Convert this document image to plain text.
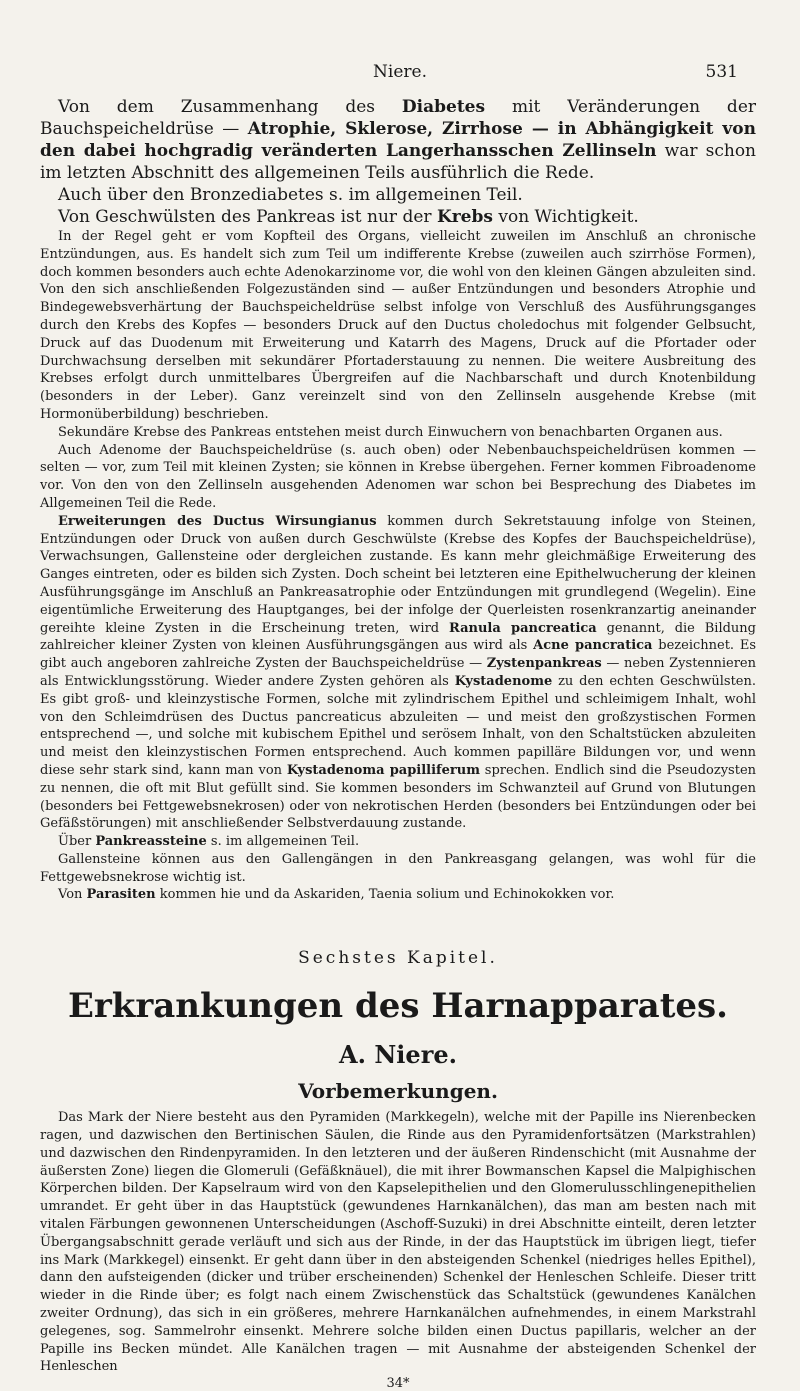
Niere.	531

Von dem Zusammenhang des Diabetes mit Veränderungen der Bauchspeicheldrüse — Atrophie, Sklerose, Zirrhose — in Abhängigkeit von den dabei hochgradig veränderten Langerhansschen Zellinseln war schon im letzten Abschnitt des allgemeinen Teils ausführlich die Rede.

Auch über den Bronzediabetes s. im allgemeinen Teil.

Von Geschwülsten des Pankreas ist nur der Krebs von Wichtigkeit.

In der Regel geht er vom Kopfteil des Organs, vielleicht zuweilen im Anschluß an chronische Entzündungen, aus. Es handelt sich zum Teil um indifferente Krebse (zuweilen auch szirrhöse Formen), doch kommen besonders auch echte Adenokarzinome vor, die wohl von den kleinen Gängen abzuleiten sind. Von den sich anschließenden Folgezuständen sind — außer Entzündungen und besonders Atrophie und Bindegewebsverhärtung der Bauchspeicheldrüse selbst infolge von Verschluß des Ausführungsganges durch den Krebs des Kopfes — besonders Druck auf den Ductus choledochus mit folgender Gelbsucht, Druck auf das Duodenum mit Erweiterung und Katarrh des Magens, Druck auf die Pfortader oder Durchwachsung derselben mit sekundärer Pfortaderstauung zu nennen. Die weitere Ausbreitung des Krebses erfolgt durch unmittelbares Übergreifen auf die Nachbarschaft und durch Knotenbildung (besonders in der Leber). Ganz vereinzelt sind von den Zellinseln ausgehende Krebse (mit Hormonüberbildung) beschrieben.

Sekundäre Krebse des Pankreas entstehen meist durch Einwuchern von benachbarten Organen aus.

Auch Adenome der Bauchspeicheldrüse (s. auch oben) oder Nebenbauchspeicheldrüsen kommen — selten — vor, zum Teil mit kleinen Zysten; sie können in Krebse übergehen. Ferner kommen Fibroadenome vor. Von den von den Zellinseln ausgehenden Adenomen war schon bei Besprechung des Diabetes im Allgemeinen Teil die Rede.

Erweiterungen des Ductus Wirsungianus kommen durch Sekretstauung infolge von Steinen, Entzündungen oder Druck von außen durch Geschwülste (Krebse des Kopfes der Bauchspeicheldrüse), Verwachsungen, Gallensteine oder dergleichen zustande. Es kann mehr gleichmäßige Erweiterung des Ganges eintreten, oder es bilden sich Zysten. Doch scheint bei letzteren eine Epithelwucherung der kleinen Ausführungsgänge im Anschluß an Pankreasatrophie oder Entzündungen mit grundlegend (Wegelin). Eine eigentümliche Erweiterung des Hauptganges, bei der infolge der Querleisten rosenkranzartig aneinander gereihte kleine Zysten in die Erscheinung treten, wird Ranula pancreatica genannt, die Bildung zahlreicher kleiner Zysten von kleinen Ausführungsgängen aus wird als Acne pancratica bezeichnet. Es gibt auch angeboren zahlreiche Zysten der Bauchspeicheldrüse — Zystenpankreas — neben Zystennieren als Entwicklungsstörung. Wieder andere Zysten gehören als Kystadenome zu den echten Geschwülsten. Es gibt groß- und kleinzystische Formen, solche mit zylindrischem Epithel und schleimigem Inhalt, wohl von den Schleimdrüsen des Ductus pancreaticus abzuleiten — und meist den großzystischen Formen entsprechend —, und solche mit kubischem Epithel und serösem Inhalt, von den Schaltstücken abzuleiten und meist den kleinzystischen Formen entsprechend. Auch kommen papilläre Bildungen vor, und wenn diese sehr stark sind, kann man von Kystadenoma papilliferum sprechen. Endlich sind die Pseudozysten zu nennen, die oft mit Blut gefüllt sind. Sie kommen besonders im Schwanzteil auf Grund von Blutungen (besonders bei Fettgewebsnekrosen) oder von nekrotischen Herden (besonders bei Entzündungen oder bei Gefäßstörungen) mit anschließender Selbstverdauung zustande.

Über Pankreassteine s. im allgemeinen Teil.

Gallensteine können aus den Gallengängen in den Pankreasgang gelangen, was wohl für die Fettgewebsnekrose wichtig ist.

Von Parasiten kommen hie und da Askariden, Taenia solium und Echinokokken vor.

Sechstes Kapitel.
Erkrankungen des Harnapparates.
A. Niere.
Vorbemerkungen.

Das Mark der Niere besteht aus den Pyramiden (Markkegeln), welche mit der Papille ins Nierenbecken ragen, und dazwischen den Bertinischen Säulen, die Rinde aus den Pyramidenfortsätzen (Markstrahlen) und dazwischen den Rindenpyramiden. In den letzteren und der äußeren Rindenschicht (mit Ausnahme der äußersten Zone) liegen die Glomeruli (Gefäßknäuel), die mit ihrer Bowmanschen Kapsel die Malpighischen Körperchen bilden. Der Kapselraum wird von den Kapselepithelien und den Glomerulusschlingenepithelien umrandet. Er geht über in das Hauptstück (gewundenes Harnkanälchen), das man am besten nach mit vitalen Färbungen gewonnenen Unterscheidungen (Aschoff-Suzuki) in drei Abschnitte einteilt, deren letzter Übergangsabschnitt gerade verläuft und sich aus der Rinde, in der das Hauptstück im übrigen liegt, tiefer ins Mark (Markkegel) einsenkt. Er geht dann über in den absteigenden Schenkel (niedriges helles Epithel), dann den aufsteigenden (dicker und trüber erscheinenden) Schenkel der Henleschen Schleife. Dieser tritt wieder in die Rinde über; es folgt nach einem Zwischenstück das Schaltstück (gewundenes Kanälchen zweiter Ordnung), das sich in ein größeres, mehrere Harnkanälchen aufnehmendes, in einem Markstrahl gelegenes, sog. Sammelrohr einsenkt. Mehrere solche bilden einen Ductus papillaris, welcher an der Papille ins Becken mündet. Alle Kanälchen tragen — mit Ausnahme der absteigenden Schenkel der Henleschen

34*
